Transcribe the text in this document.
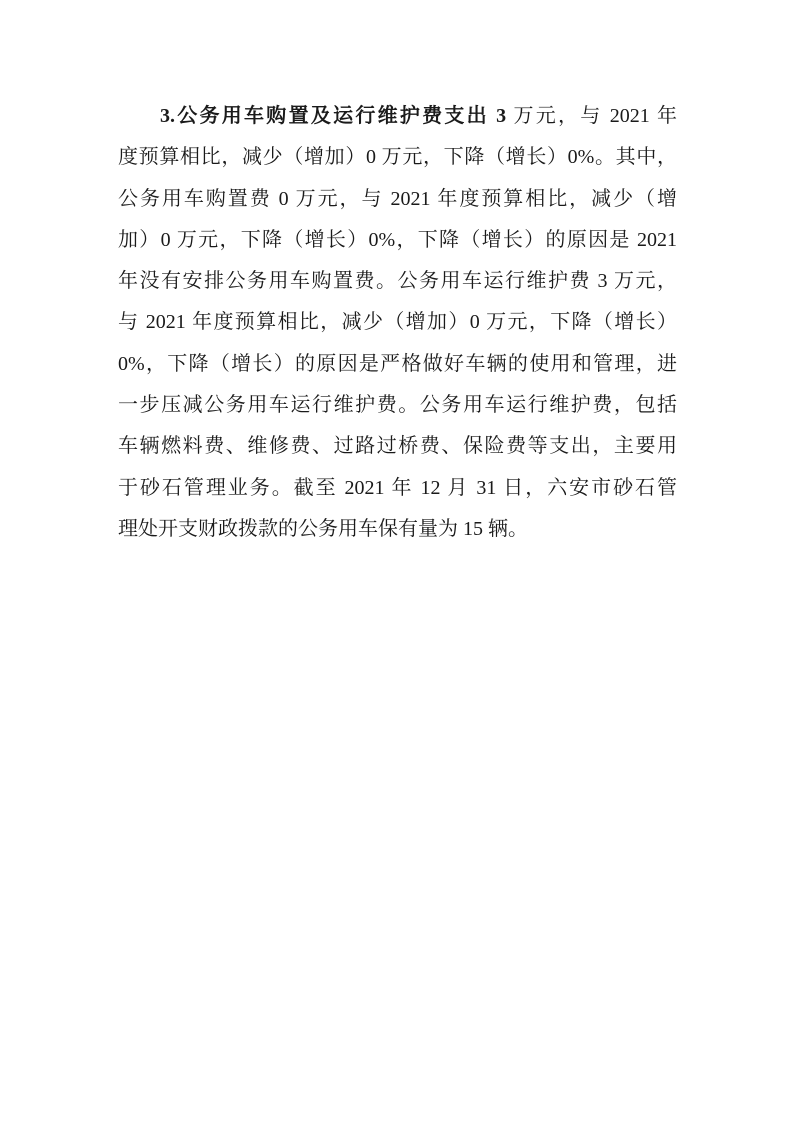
3.公务用车购置及运行维护费支出 3 万元，与 2021 年
度预算相比，减少（增加）0 万元，下降（增长）0%。其中，
公务用车购置费 0 万元，与 2021 年度预算相比，减少（增
加）0 万元，下降（增长）0%，下降（增长）的原因是 2021
年没有安排公务用车购置费。公务用车运行维护费 3 万元，
与 2021 年度预算相比，减少（增加）0 万元，下降（增长）
0%，下降（增长）的原因是严格做好车辆的使用和管理，进
一步压减公务用车运行维护费。公务用车运行维护费，包括
车辆燃料费、维修费、过路过桥费、保险费等支出，主要用
于砂石管理业务。截至 2021 年 12 月 31 日，六安市砂石管
理处开支财政拨款的公务用车保有量为 15 辆。
